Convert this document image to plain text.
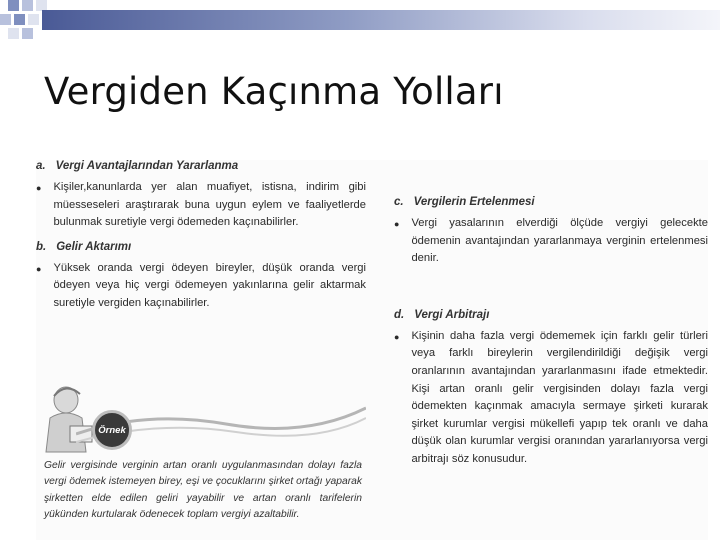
Vergiden Kaçınma Yolları
a. Vergi Avantajlarından Yararlanma
● Kişiler,kanunlarda yer alan muafiyet, istisna, indirim gibi müesseseleri araştırarak buna uygun eylem ve faaliyetlerde bulunmak suretiyle vergi ödemeden kaçınabilirler.

b. Gelir Aktarımı
● Yüksek oranda vergi ödeyen bireyler, düşük oranda vergi ödeyen veya hiç vergi ödemeyen yakınlarına gelir aktarmak suretiyle vergiden kaçınabilirler.

Örnek

Gelir vergisinde verginin artan oranlı uygulanmasından dolayı fazla vergi ödemek istemeyen birey, eşi ve çocuklarını şirket ortağı yaparak şirketten elde edilen geliri yayabilir ve artan oranlı tarifelerin yükünden kurtularak ödenecek toplam vergiyi azaltabilir.

c. Vergilerin Ertelenmesi
● Vergi yasalarının elverdiği ölçüde vergiyi gelecekte ödemenin avantajından yararlanmaya verginin ertelenmesi denir.

d. Vergi Arbitrajı
● Kişinin daha fazla vergi ödememek için farklı gelir türleri veya farklı bireylerin vergilendirildiği değişik vergi oranlarının avantajından yararlanmasını ifade etmektedir. Kişi artan oranlı gelir vergisinden dolayı fazla vergi ödemekten kaçınmak amacıyla sermaye şirketi kurarak şirket kurumlar vergisi mükellefi yapıp tek oranlı ve daha düşük olan kurumlar vergisi oranından yararlanıyorsa vergi arbitrajı söz konusudur.
